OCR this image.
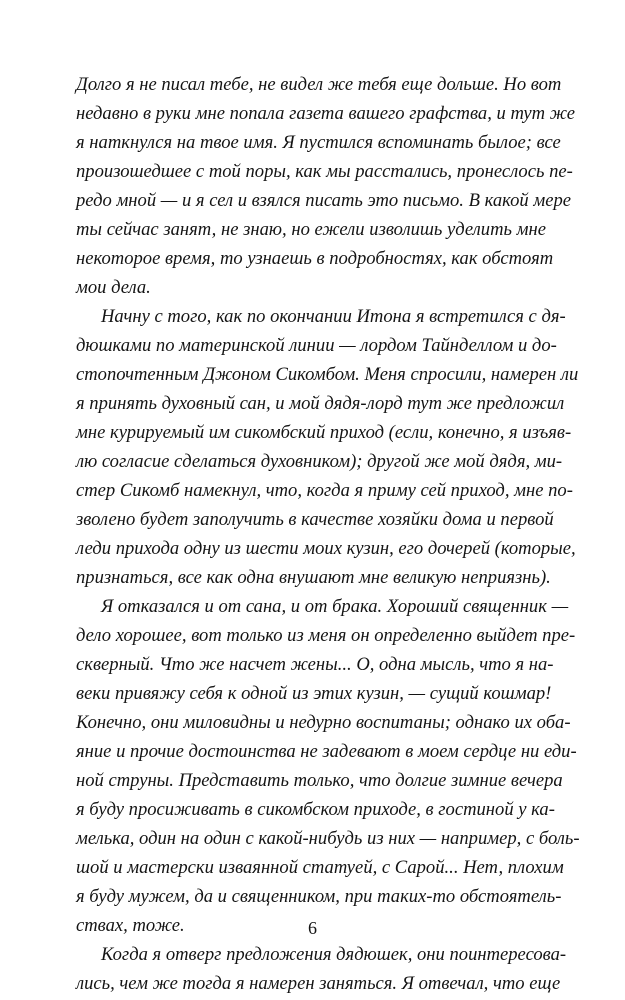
Долго я не писал тебе, не видел же тебя еще дольше. Но вот
недавно в руки мне попала газета вашего графства, и тут же
я наткнулся на твое имя. Я пустился вспоминать былое; все
произошедшее с той поры, как мы расстались, пронеслось пе-
редо мной — и я сел и взялся писать это письмо. В какой мере
ты сейчас занят, не знаю, но ежели изволишь уделить мне
некоторое время, то узнаешь в подробностях, как обстоят
мои дела.
Начну с того, как по окончании Итона я встретился с дя-
дюшками по материнской линии — лордом Тайнделлом и до-
стопочтенным Джоном Сикомбом. Меня спросили, намерен ли
я принять духовный сан, и мой дядя-лорд тут же предложил
мне курируемый им сикомбский приход (если, конечно, я изъяв-
лю согласие сделаться духовником); другой же мой дядя, ми-
стер Сикомб намекнул, что, когда я приму сей приход, мне по-
зволено будет заполучить в качестве хозяйки дома и первой
леди прихода одну из шести моих кузин, его дочерей (которые,
признаться, все как одна внушают мне великую неприязнь).
Я отказался и от сана, и от брака. Хороший священник —
дело хорошее, вот только из меня он определенно выйдет пре-
скверный. Что же насчет жены... О, одна мысль, что я на-
веки привяжу себя к одной из этих кузин, — сущий кошмар!
Конечно, они миловидны и недурно воспитаны; однако их оба-
яние и прочие достоинства не задевают в моем сердце ни еди-
ной струны. Представить только, что долгие зимние вечера
я буду просиживать в сикомбском приходе, в гостиной у ка-
мелька, один на один с какой-нибудь из них — например, с боль-
шой и мастерски изваянной статуей, с Сарой... Нет, плохим
я буду мужем, да и священником, при таких-то обстоятель-
ствах, тоже.
Когда я отверг предложения дядюшек, они поинтересова-
лись, чем же тогда я намерен заняться. Я отвечал, что еще
6
